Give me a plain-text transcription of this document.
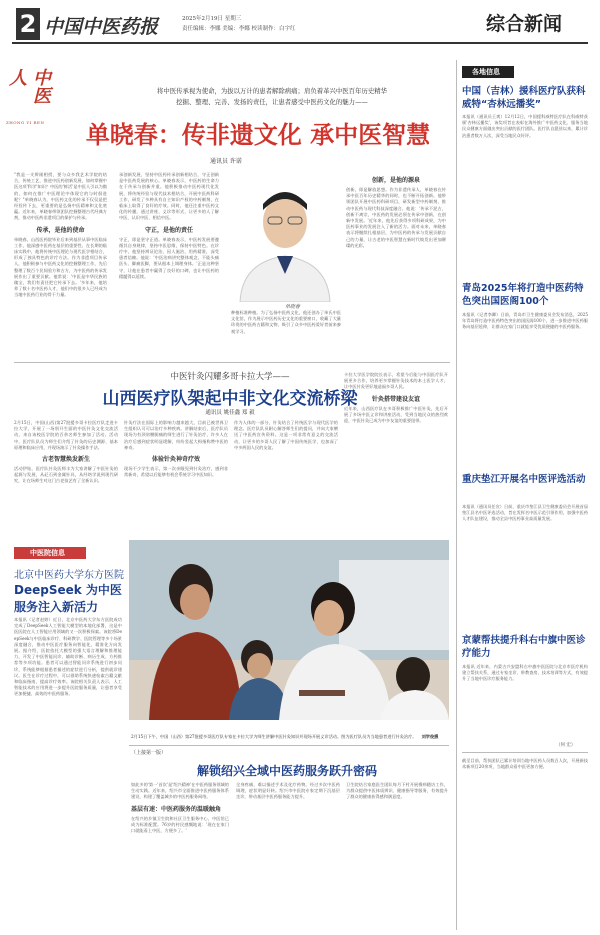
2 中国中医药报	2025年2月19日 星期三
责任编辑：李娜 美编：李娜 校读制作：白宇红	综合新闻
中医人
ZHONG YI REN
将中医传承视为使命，为拔以万计的患者解除病痛；肩负着革兴中医百年历史精华
挖掘、整理、完善、发扬的责任，让患者感受中医药文化的魅力——
单晓春：传非遗文化 承中医智慧
通讯员 许诺
"我是一支辨刚相授，要与众多我艺术学院的结合，传统工艺，推进中医药创新发展，如何掌握中医这项'科学'知识？中医的'鲜活'是中医人引以为傲的，如何在推广中医理论中体现它的与时俱进呢？"单晓春认为，中医药文化的传承不仅仅是把经验传下去，更重要的是弘扬中医精神和文化底蕴。近年来，单晓春带领团队挖掘整理古代经典方剂，推动中医药非遗项目的保护与传承。
传承，是他的使命
单晓春，山西医药院毕业后来到基层从事中医临床工作，他深感中医药在基层的重要性。在长期的临床实践中，他将传统中医理论与现代医学相结合，形成了独具特色的诊疗方法。作为非遗项目传承人，他积极参与中医药文化的挖掘整理工作，先后整理了数百个民间验方和古方，为中医药的传承发展作出了重要贡献。他常说：'中医是中华民族的瑰宝，我们有责任把它传承下去。'多年来，他培养了数十名中医药人才，他们中的很多人已经成为当地中医药行业的骨干力量。
承创新发展，坚持中医药传承创新相结合，守正创新是中医药发展的核心。单晓春表示，中医药的生命力在于传承与创新并重。他积极推动中医药现代化发展，将传统经验与现代技术相结合，开展中医药科研工作，研发了多种具有自主知识产权的中药制剂，在临床上取得了良好的疗效。同时，他还注重中医药文化的传播，通过讲座、义诊等形式，让更多的人了解中医、认识中医、相信中医。
守正，是他的责任
守正，即是坚守正道。单晓春表示，中医药发展要遵循其自身规律，坚持中医思维，保持中医特色。在诊疗中，他坚持辨证论治，因人施治，用药精准，深受患者信赖。他说：'中医治病讲究整体观念，不能头痛医头、脚痛医脚，要从根本上调理身体。'正是这种坚守，让他在患者中赢得了良好的口碑，也让中医药的精髓得以延续。
单晓春
种植标准种植。为了弘扬中医药文化，他还创办了单氏中医文化馆，作为展示中医药历史文化的重要窗口，收藏了大量珍贵的中医药古籍和文物，吸引了众多中医药爱好者前来参观学习。
创新，是他的源泉
创新，即是解放思想。作为非遗传承人，单晓春在传承中医百年历史精华的同时，也不断开拓创新。他带领团队开展中医药科研项目，研发新型中药制剂，推动中医药与现代科技深度融合。他说：'传承不泥古，创新不离宗，中医药的发展必须在传承中创新，在创新中发展。'近年来，他先后获得多项科研成果，为中医药事业的发展注入了新的活力。面对未来，单晓春表示将继续扎根基层，为中医药的传承与发展贡献自己的力量，让古老的中医智慧在新时代焕发出更加璀璨的光彩。
中医针灸闪耀多哥卡拉大学——
山西医疗队架起中非文化交流桥梁
通讯员 姚佳鑫 郑 毅
2月15日，中国(山西)第27批援多哥卡拉医疗队走进卡拉大学，开展了一场别开生面的中医针灸文化交流活动，来自该校医学院的百余名师生参加了活动。活动中，医疗队队员为师生们介绍了针灸的历史渊源、基本原理和临床应用，并现场演示了针灸操作手法。
古老智慧焕发新生
活动伊始，医疗队针灸医师丰为大家讲解了中医针灸的起源与发展，从砭石到金属针具，从经络学说到现代研究，让在场师生对这门古老技艺有了全新认识。
针灸疗法在国际上的影响力越来越大，目前已被世界卫生组织认可可以治疗多种疾病。讲解结束后，医疗队员现场为有颈肩腰腿痛的师生进行了针灸治疗，许多人在治疗后感到症状明显缓解，纷纷竖起大拇指称赞中医的神奇。
体验针灸神奇疗效
现场不少学生表示，第一次亲眼见到针灸治疗，感到非常新奇，希望以后能够有机会系统学习中医知识。
作为人体的一部分，针灸结合了传统医学与现代医学的理念。医疗队队员耐心解答师生们的提问，并向大家赠送了中医药宣传资料。这是一项非常有意义的交流活动，让更多的多哥人民了解了中国传统医学，也加深了中多两国人民的友谊。
卡拉大学医学院院长表示，希望今后能与中国医疗队开展更多合作，培养更多掌握针灸技术的本土医学人才，让中医针灸更好地造福多哥人民。
针灸搭带建设友谊
近年来，山西医疗队在多哥积极推广中医针灸，先后开展了多场中医义诊和讲座活动，受到当地民众的热烈欢迎，中医针灸已成为中多友谊的重要纽带。
中医院信息
北京中医药大学东方医院
DeepSeek 为中医
服务注入新活力
本报讯（记者赵婷）近日，北京中医药大学东方医院成功完成了DeepSeek人工智能大模型的本地化部署，这是中医医院在人工智能应用领域的又一次积极探索。该院将DeepSeek与中医临床诊疗、科研教学、医院管理等多个场景深度融合，推动中医医疗服务向智能化、精准化方向发展。据介绍，医院依托大模型的强大语言理解和推理能力，开发了中医智能问诊、辅助诊断、病历生成、方药推荐等多项功能。患者可以通过智能问诊系统进行初步问诊，系统能够根据患者描述的症状进行分析，提供就诊建议。医生在诊疗过程中，可以借助系统快速检索古籍文献和临床指南，提高诊疗效率。该院相关负责人表示，人工智能技术的应用将进一步提升医院服务质量，让患者享受更加便捷、高效的中医药服务。
2月15日下午，中国（山西）第27批援多哥医疗队专家在卡拉大学为师生讲解中医针灸知识并现场开展义诊活动。图为医疗队员为当地患者进行针灸治疗。 刘学俊摄
（上接第一版）
解锁绍兴全域中医药服务跃升密码
如此多的'第一'首次'是'绍兴精神'在中医药服务领域的生动实践。近年来，绍兴市全面推进中医药服务体系建设，构建了覆盖城乡的中医药服务网络。
基层有速：中医药服务的温暖触角
在绍兴的乡镇卫生院和社区卫生服务中心，中医馆已成为标准配置。76岁的村民感慨地说：'现在在家门口就能看上中医，方便多了。'
全身疼痛，难以描述手术及化疗药物。经过多次中医药调理，症状明显好转。绍兴市中医院专家定期下沉基层坐诊，带动基层中医药服务能力提升。
卫生院结合家庭医生团队每月下村开展慢病随访工作，为群众提供中医体质辨识、健康指导等服务，有效提升了群众的健康获得感和满意度。
各地信息
中国（吉林）援科医疗队获科威特“杏林远播奖”
本报讯（通讯员王爽）12月12日，中国援科威特医疗队在科威特获颁'杏林远播奖'，该奖项旨在表彰在海外推广中医药文化、服务当地民众健康方面做出突出贡献的医疗团队。医疗队自派驻以来，累计诊治患者数万人次，深受当地民众好评。
青岛2025年将打造中医药特色突出国医阁100个
本报讯（记者李卿）日前，青岛市卫生健康委员会发布消息，2025年青岛将打造中医药特色突出的国医阁100个，进一步推进中医药服务向基层延伸，让群众在家门口就能享受优质便捷的中医药服务。
重庆垫江开展名中医评选活动
本报讯（通讯员任宣）日前，重庆市垫江县卫生健康委员会开展首届垫江县名中医评选活动，旨在发挥名中医示范引领作用，加强中医药人才队伍建设，推动全县中医药事业高质量发展。
京蒙帮扶提升科右中旗中医诊疗能力
本报讯 近年来，内蒙古兴安盟科右中旗中医医院与北京市医疗机构建立帮扶关系，通过专家坐诊、带教查房、技术培训等方式，有效提升了当地中医诊疗服务能力。
（何 宏）
截至目前，帮扶团队已累计培训当地中医药人员数百人次，开展新技术新项目20余项，当地群众看中医更加方便。
